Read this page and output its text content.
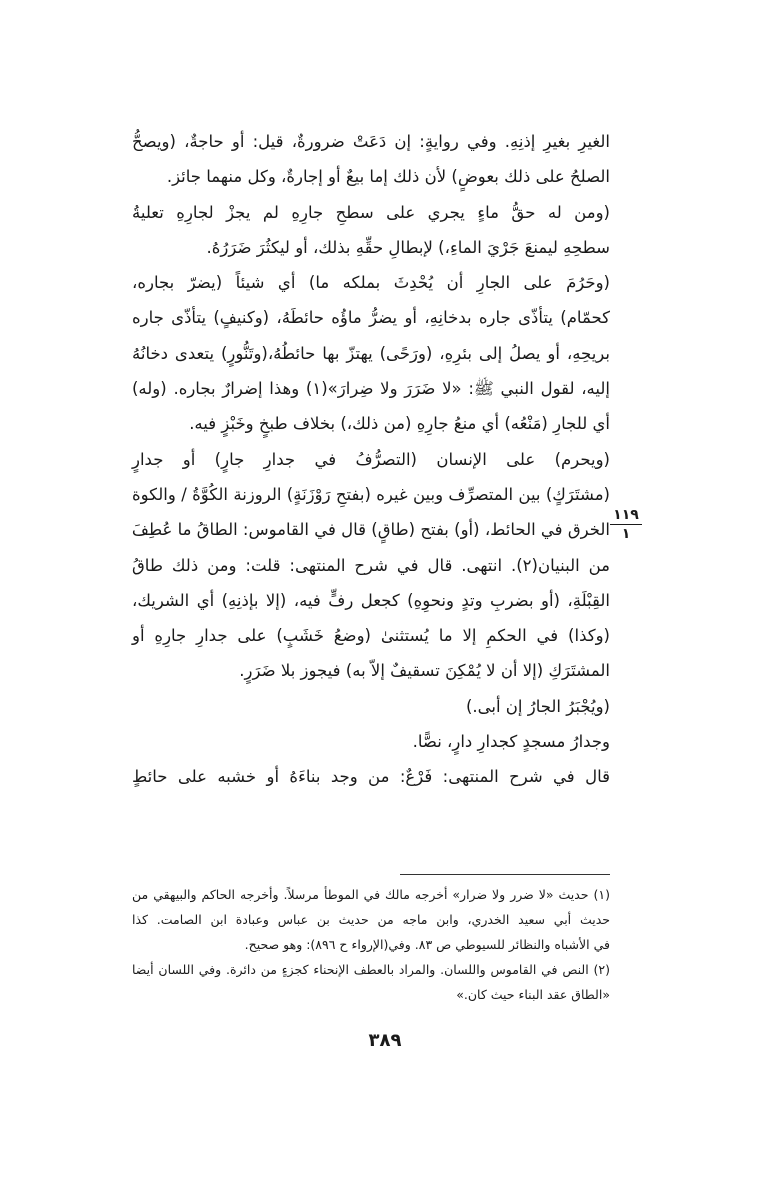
الغيرِ بغيرِ إذنِهِ. وفي روايةٍ: إن دَعَتْ ضرورةٌ، قيل: أو حاجةٌ، (ويصحُّ
الصلحُ على ذلك بعوضٍ) لأن ذلك إما بيعٌ أو إجارةٌ، وكل منهما جائز.
(ومن له حقُّ ماءٍ يجري على سطحِ جارِهِ لم يجزْ لجارِهِ تعليةُ
سطحِهِ ليمنعَ جَرْيَ الماءِ،) لإبطالِ حقِّهِ بذلك، أو ليكثُرَ ضَرَرُهُ.
(وحَرُمَ على الجارِ أن يُحْدِثَ بملكه ما) أي شيئاً (يضرّ بجاره،
كحمّام) يتأذّى جاره بدخانِهِ، أو يضرُّ ماؤُه حائطَهُ، (وكنيفٍ) يتأذّى جاره
بريحِهِ، أو يصلُ إلى بئرِهِ، (ورَحًى) يهتزّ بها حائطُهُ،(وتَنُّورٍ) يتعدى دخانُهُ
إليه، لقول النبي ﷺ: «لا ضَرَرَ ولا ضِرارَ»(١) وهذا إضرارٌ بجاره. (وله)
أي للجارِ (مَنْعُه) أي منعُ جارِهِ (من ذلك،) بخلاف طبخٍ وخَبْزٍ فيه.
(ويحرم) على الإنسان (التصرُّفُ في جدارِ جارٍ) أو جدارٍ
(مشتَرَكٍ) بين المتصرِّف وبين غيره (بفتحِ رَوْزَنَةٍ) الروزنة الكُوَّةُ / والكوة
الخرق في الحائط، (أو) بفتح (طاقٍ) قال في القاموس: الطاقُ ما عُطِفَ
من البنيان(٢). انتهى. قال في شرح المنتهى: قلت: ومن ذلك طاقُ
القِبْلَةِ، (أو بضربِ وتدٍ ونحوِهِ) كجعل رفٍّ فيه، (إلا بإذنِهِ) أي الشريك،
(وكذا) في الحكمِ إلا ما يُستثنىٰ (وضعُ خَشَبٍ) على جدارِ جارِهِ أو
المشتَرَكِ (إلا أن لا يُمْكِنَ تسقيفٌ إلاّ به) فيجوز بلا ضَرَرٍ.
(ويُجْبَرُ الجارُ إن أبى.)
وجدارُ مسجدٍ كجدارِ دارٍ، نصًّا.
قال في شرح المنتهى: فَرْعٌ: من وجد بناءَهُ أو خشبه على حائطٍ
١١٩
١
(١) حديث «لا ضرر ولا ضرار» أخرجه مالك في الموطأ مرسلاً. وأخرجه الحاكم والبيهقي من
حديث أبي سعيد الخدري، وابن ماجه من حديث بن عباس وعبادة ابن الصامت. كذا
في الأشباه والنظائر للسيوطي ص ٨٣. وفي(الإرواء ح ٨٩٦): وهو صحيح.
(٢) النص في القاموس واللسان. والمراد بالعطف الإنحناء كجزءٍ من دائرة. وفي اللسان أيضا
«الطاق عقد البناء حيث كان.»
٣٨٩
